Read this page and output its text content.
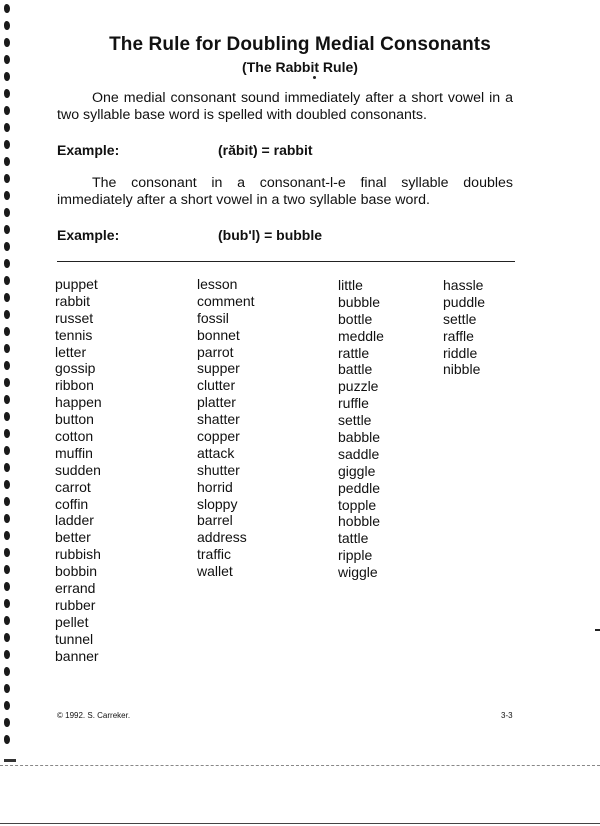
The Rule for Doubling Medial Consonants
(The Rabbit Rule)

One medial consonant sound immediately after a short vowel in a two syllable base word is spelled with doubled consonants.

Example:	(răbit) = rabbit

The consonant in a consonant-l-e final syllable doubles immediately after a short vowel in a two syllable base word.

Example:	(bub'l) = bubble
puppet
rabbit
russet
tennis
letter
gossip
ribbon
happen
button
cotton
muffin
sudden
carrot
coffin
ladder
better
rubbish
bobbin
errand
rubber
pellet
tunnel
banner
lesson
comment
fossil
bonnet
parrot
supper
clutter
platter
shatter
copper
attack
shutter
horrid
sloppy
barrel
address
traffic
wallet
little
bubble
bottle
meddle
rattle
battle
puzzle
ruffle
settle
babble
saddle
giggle
peddle
topple
hobble
tattle
ripple
wiggle
hassle
puddle
settle
raffle
riddle
nibble
© 1992. S. Carreker.	3-3
